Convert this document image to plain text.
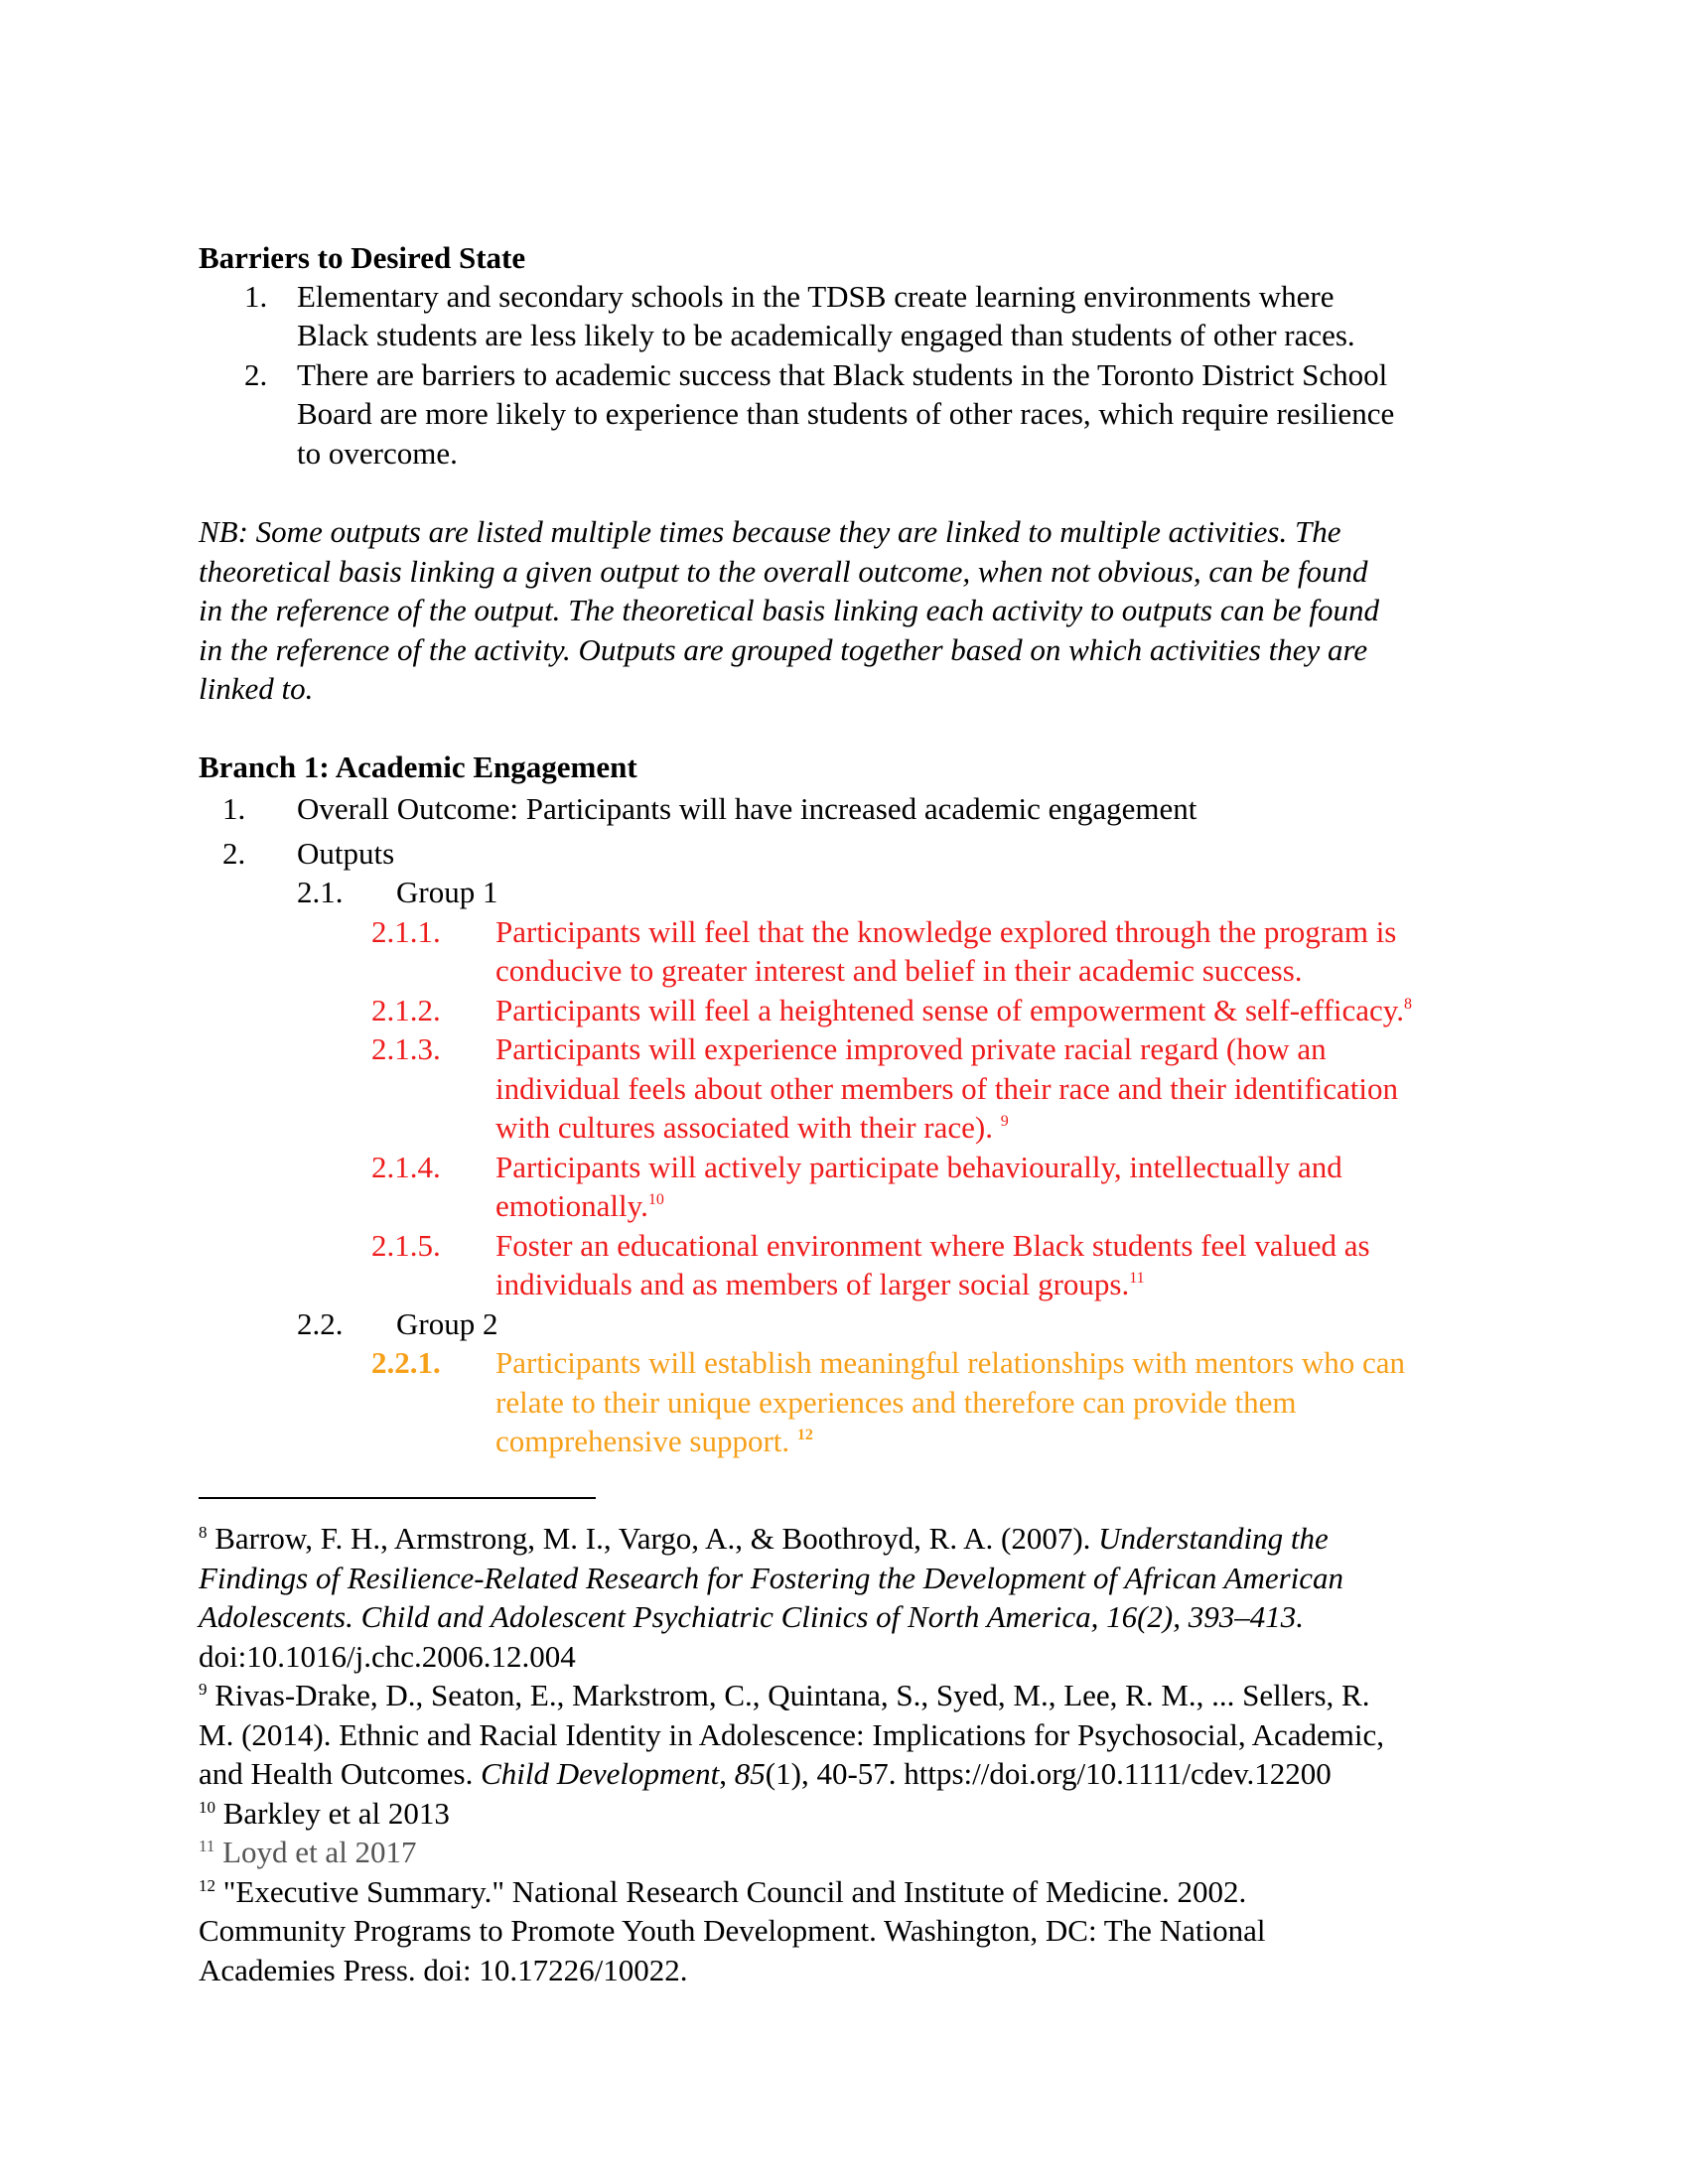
Barriers to Desired State
1. Elementary and secondary schools in the TDSB create learning environments where
Black students are less likely to be academically engaged than students of other races.
2. There are barriers to academic success that Black students in the Toronto District School
Board are more likely to experience than students of other races, which require resilience
to overcome.
NB: Some outputs are listed multiple times because they are linked to multiple activities. The
theoretical basis linking a given output to the overall outcome, when not obvious, can be found
in the reference of the output. The theoretical basis linking each activity to outputs can be found
in the reference of the activity. Outputs are grouped together based on which activities they are
linked to.
Branch 1: Academic Engagement
1. Overall Outcome: Participants will have increased academic engagement
2. Outputs
2.1. Group 1
2.1.1. Participants will feel that the knowledge explored through the program is
conducive to greater interest and belief in their academic success.
2.1.2. Participants will feel a heightened sense of empowerment & self-efficacy.$^8$
2.1.3. Participants will experience improved private racial regard (how an
individual feels about other members of their race and their identification
with cultures associated with their race). $^9$
2.1.4. Participants will actively participate behaviourally, intellectually and
emotionally.$^{10}$
2.1.5. Foster an educational environment where Black students feel valued as
individuals and as members of larger social groups.$^{11}$
2.2. Group 2
2.2.1. Participants will establish meaningful relationships with mentors who can
relate to their unique experiences and therefore can provide them
comprehensive support. $^{12}$
$^8$ Barrow, F. H., Armstrong, M. I., Vargo, A., & Boothroyd, R. A. (2007). Understanding the
Findings of Resilience-Related Research for Fostering the Development of African American
Adolescents. Child and Adolescent Psychiatric Clinics of North America, 16(2), 393–413.
doi:10.1016/j.chc.2006.12.004
$^9$ Rivas-Drake, D., Seaton, E., Markstrom, C., Quintana, S., Syed, M., Lee, R. M., ... Sellers, R.
M. (2014). Ethnic and Racial Identity in Adolescence: Implications for Psychosocial, Academic,
and Health Outcomes. Child Development, 85(1), 40-57. https://doi.org/10.1111/cdev.12200
$^{10}$ Barkley et al 2013
$^{11}$ Loyd et al 2017
$^{12}$ "Executive Summary." National Research Council and Institute of Medicine. 2002.
Community Programs to Promote Youth Development. Washington, DC: The National
Academies Press. doi: 10.17226/10022.
